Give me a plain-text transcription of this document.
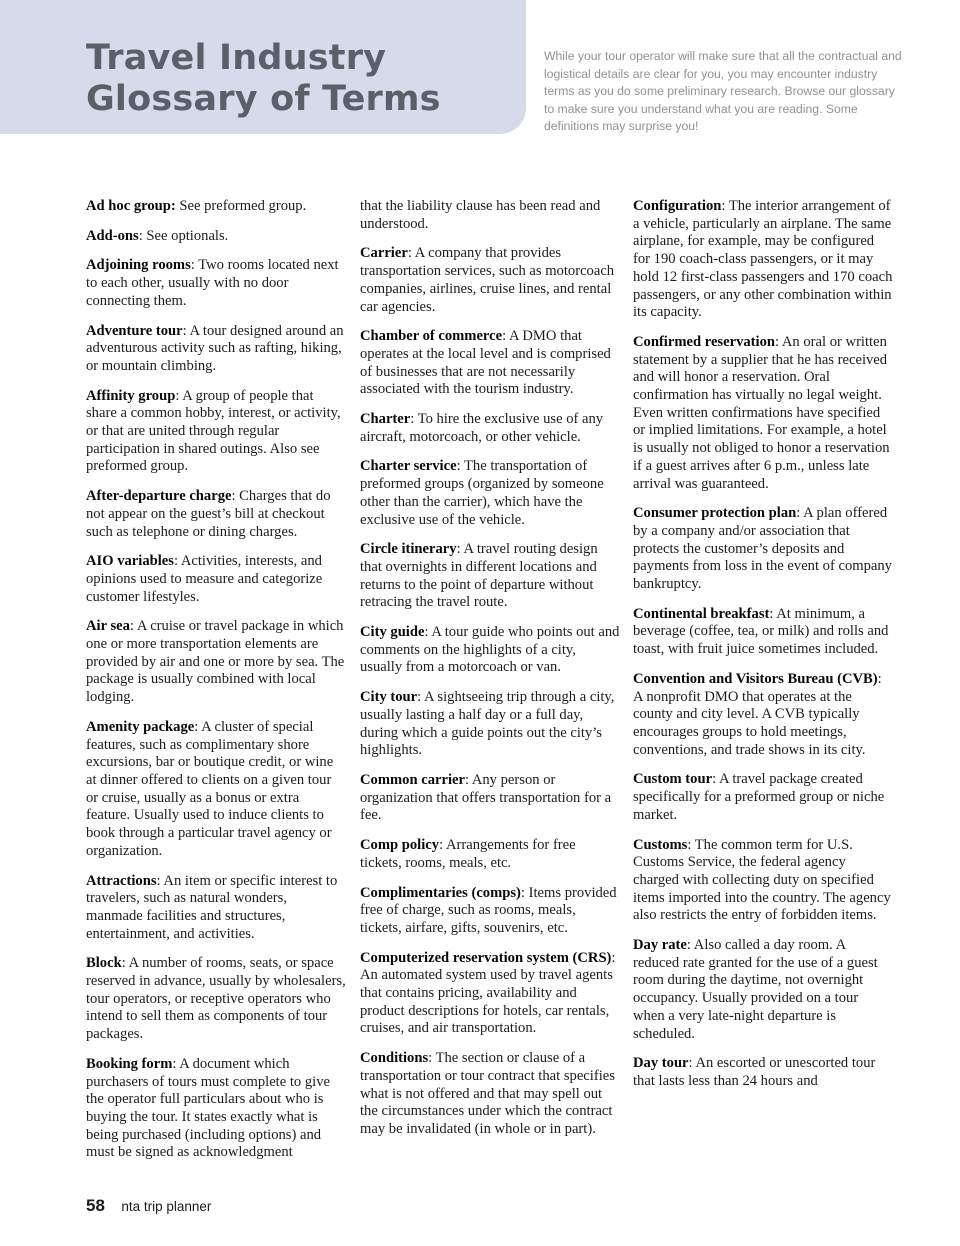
Travel Industry
Glossary of Terms

While your tour operator will make sure that all the contractual and logistical details are clear for you, you may encounter industry terms as you do some preliminary research. Browse our glossary to make sure you understand what you are reading. Some definitions may surprise you!

Ad hoc group: See preformed group.

Add-ons: See optionals.

Adjoining rooms: Two rooms located next to each other, usually with no door connecting them.

Adventure tour: A tour designed around an adventurous activity such as rafting, hiking, or mountain climbing.

Affinity group: A group of people that share a common hobby, interest, or activity, or that are united through regular participation in shared outings. Also see preformed group.

After-departure charge: Charges that do not appear on the guest’s bill at checkout such as telephone or dining charges.

AIO variables: Activities, interests, and opinions used to measure and categorize customer lifestyles.

Air sea: A cruise or travel package in which one or more transportation elements are provided by air and one or more by sea. The package is usually combined with local lodging.

Amenity package: A cluster of special features, such as complimentary shore excursions, bar or boutique credit, or wine at dinner offered to clients on a given tour or cruise, usually as a bonus or extra feature. Usually used to induce clients to book through a particular travel agency or organization.

Attractions: An item or specific interest to travelers, such as natural wonders, manmade facilities and structures, entertainment, and activities.

Block: A number of rooms, seats, or space reserved in advance, usually by wholesalers, tour operators, or receptive operators who intend to sell them as components of tour packages.

Booking form: A document which purchasers of tours must complete to give the operator full particulars about who is buying the tour. It states exactly what is being purchased (including options) and must be signed as acknowledgment

that the liability clause has been read and understood.

Carrier: A company that provides transportation services, such as motorcoach companies, airlines, cruise lines, and rental car agencies.

Chamber of commerce: A DMO that operates at the local level and is comprised of businesses that are not necessarily associated with the tourism industry.

Charter: To hire the exclusive use of any aircraft, motorcoach, or other vehicle.

Charter service: The transportation of preformed groups (organized by someone other than the carrier), which have the exclusive use of the vehicle.

Circle itinerary: A travel routing design that overnights in different locations and returns to the point of departure without retracing the travel route.

City guide: A tour guide who points out and comments on the highlights of a city, usually from a motorcoach or van.

City tour: A sightseeing trip through a city, usually lasting a half day or a full day, during which a guide points out the city’s highlights.

Common carrier: Any person or organization that offers transportation for a fee.

Comp policy: Arrangements for free tickets, rooms, meals, etc.

Complimentaries (comps): Items provided free of charge, such as rooms, meals, tickets, airfare, gifts, souvenirs, etc.

Computerized reservation system (CRS): An automated system used by travel agents that contains pricing, availability and product descriptions for hotels, car rentals, cruises, and air transportation.

Conditions: The section or clause of a transportation or tour contract that specifies what is not offered and that may spell out the circumstances under which the contract may be invalidated (in whole or in part).

Configuration: The interior arrangement of a vehicle, particularly an airplane. The same airplane, for example, may be configured for 190 coach-class passengers, or it may hold 12 first-class passengers and 170 coach passengers, or any other combination within its capacity.

Confirmed reservation: An oral or written statement by a supplier that he has received and will honor a reservation. Oral confirmation has virtually no legal weight. Even written confirmations have specified or implied limitations. For example, a hotel is usually not obliged to honor a reservation if a guest arrives after 6 p.m., unless late arrival was guaranteed.

Consumer protection plan: A plan offered by a company and/or association that protects the customer’s deposits and payments from loss in the event of company bankruptcy.

Continental breakfast: At minimum, a beverage (coffee, tea, or milk) and rolls and toast, with fruit juice sometimes included.

Convention and Visitors Bureau (CVB): A nonprofit DMO that operates at the county and city level. A CVB typically encourages groups to hold meetings, conventions, and trade shows in its city.

Custom tour: A travel package created specifically for a preformed group or niche market.

Customs: The common term for U.S. Customs Service, the federal agency charged with collecting duty on specified items imported into the country. The agency also restricts the entry of forbidden items.

Day rate: Also called a day room. A reduced rate granted for the use of a guest room during the daytime, not overnight occupancy. Usually provided on a tour when a very late-night departure is scheduled.

Day tour: An escorted or unescorted tour that lasts less than 24 hours and

58 nta trip planner
